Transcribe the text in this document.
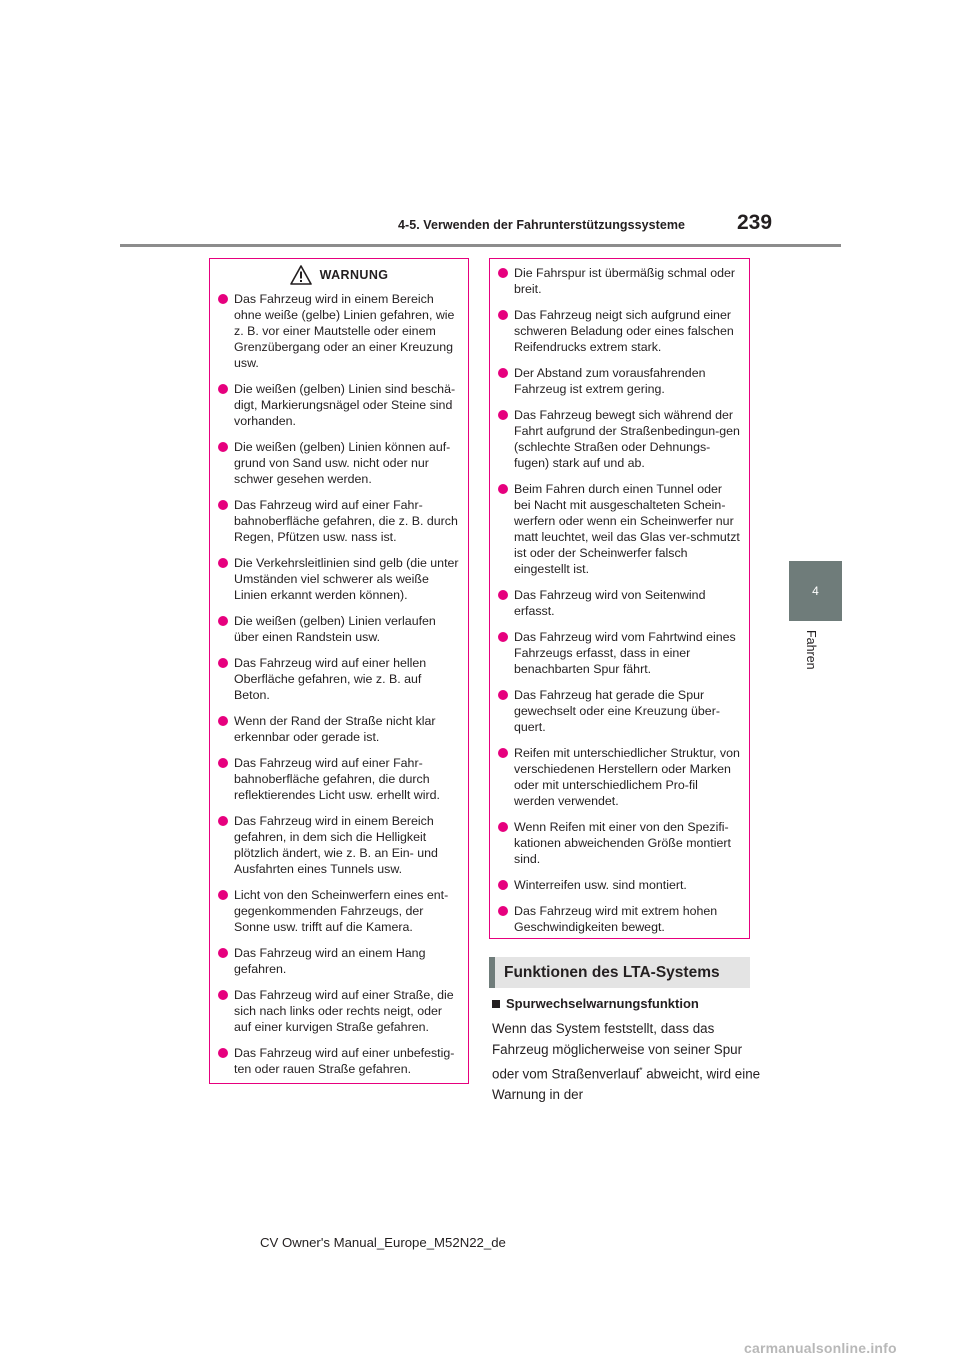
4-5. Verwenden der Fahrunterstützungssysteme	239
4
Fahren
WARNUNG
Das Fahrzeug wird in einem Bereich ohne weiße (gelbe) Linien gefahren, wie z. B. vor einer Mautstelle oder einem Grenzübergang oder an einer Kreuzung usw.
Die weißen (gelben) Linien sind beschä-digt, Markierungsnägel oder Steine sind vorhanden.
Die weißen (gelben) Linien können auf-grund von Sand usw. nicht oder nur schwer gesehen werden.
Das Fahrzeug wird auf einer Fahr-bahnoberfläche gefahren, die z. B. durch Regen, Pfützen usw. nass ist.
Die Verkehrsleitlinien sind gelb (die unter Umständen viel schwerer als weiße Linien erkannt werden können).
Die weißen (gelben) Linien verlaufen über einen Randstein usw.
Das Fahrzeug wird auf einer hellen Oberfläche gefahren, wie z. B. auf Beton.
Wenn der Rand der Straße nicht klar erkennbar oder gerade ist.
Das Fahrzeug wird auf einer Fahr-bahnoberfläche gefahren, die durch reflektierendes Licht usw. erhellt wird.
Das Fahrzeug wird in einem Bereich gefahren, in dem sich die Helligkeit plötzlich ändert, wie z. B. an Ein- und Ausfahrten eines Tunnels usw.
Licht von den Scheinwerfern eines ent-gegenkommenden Fahrzeugs, der Sonne usw. trifft auf die Kamera.
Das Fahrzeug wird an einem Hang gefahren.
Das Fahrzeug wird auf einer Straße, die sich nach links oder rechts neigt, oder auf einer kurvigen Straße gefahren.
Das Fahrzeug wird auf einer unbefestig-ten oder rauen Straße gefahren.
Die Fahrspur ist übermäßig schmal oder breit.
Das Fahrzeug neigt sich aufgrund einer schweren Beladung oder eines falschen Reifendrucks extrem stark.
Der Abstand zum vorausfahrenden Fahrzeug ist extrem gering.
Das Fahrzeug bewegt sich während der Fahrt aufgrund der Straßenbedingun-gen (schlechte Straßen oder Dehnungs-fugen) stark auf und ab.
Beim Fahren durch einen Tunnel oder bei Nacht mit ausgeschalteten Schein-werfern oder wenn ein Scheinwerfer nur matt leuchtet, weil das Glas ver-schmutzt ist oder der Scheinwerfer falsch eingestellt ist.
Das Fahrzeug wird von Seitenwind erfasst.
Das Fahrzeug wird vom Fahrtwind eines Fahrzeugs erfasst, dass in einer benachbarten Spur fährt.
Das Fahrzeug hat gerade die Spur gewechselt oder eine Kreuzung über-quert.
Reifen mit unterschiedlicher Struktur, von verschiedenen Herstellern oder Marken oder mit unterschiedlichem Pro-fil werden verwendet.
Wenn Reifen mit einer von den Spezifi-kationen abweichenden Größe montiert sind.
Winterreifen usw. sind montiert.
Das Fahrzeug wird mit extrem hohen Geschwindigkeiten bewegt.
Funktionen des LTA-Systems
Spurwechselwarnungsfunktion
Wenn das System feststellt, dass das Fahrzeug möglicherweise von seiner Spur oder vom Straßenverlauf* abweicht, wird eine Warnung in der
CV Owner's Manual_Europe_M52N22_de
carmanualsonline.info
